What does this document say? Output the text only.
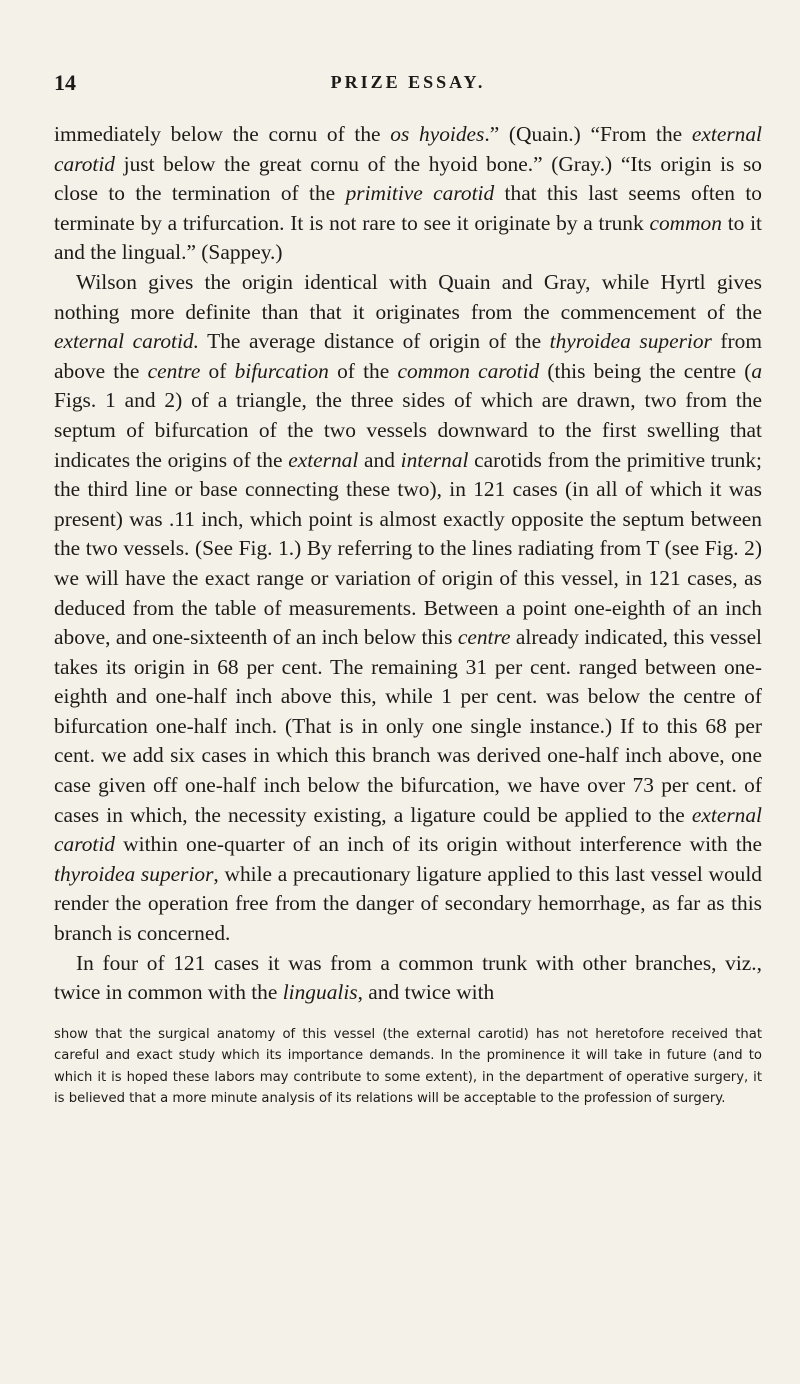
14	PRIZE ESSAY.

immediately below the cornu of the os hyoides.” (Quain.) “From the external carotid just below the great cornu of the hyoid bone.” (Gray.) “Its origin is so close to the termination of the primitive carotid that this last seems often to terminate by a trifurcation. It is not rare to see it originate by a trunk common to it and the lingual.” (Sappey.)

Wilson gives the origin identical with Quain and Gray, while Hyrtl gives nothing more definite than that it originates from the commencement of the external carotid. The average distance of origin of the thyroidea superior from above the centre of bifurcation of the common carotid (this being the centre (a Figs. 1 and 2) of a triangle, the three sides of which are drawn, two from the septum of bifurcation of the two vessels downward to the first swelling that indicates the origins of the external and internal carotids from the primitive trunk; the third line or base connecting these two), in 121 cases (in all of which it was present) was .11 inch, which point is almost exactly opposite the septum between the two vessels. (See Fig. 1.) By referring to the lines radiating from T (see Fig. 2) we will have the exact range or variation of origin of this vessel, in 121 cases, as deduced from the table of measurements. Between a point one-eighth of an inch above, and one-sixteenth of an inch below this centre already indicated, this vessel takes its origin in 68 per cent. The remaining 31 per cent. ranged between one-eighth and one-half inch above this, while 1 per cent. was below the centre of bifurcation one-half inch. (That is in only one single instance.) If to this 68 per cent. we add six cases in which this branch was derived one-half inch above, one case given off one-half inch below the bifurcation, we have over 73 per cent. of cases in which, the necessity existing, a ligature could be applied to the external carotid within one-quarter of an inch of its origin without interference with the thyroidea superior, while a precautionary ligature applied to this last vessel would render the operation free from the danger of secondary hemorrhage, as far as this branch is concerned.

In four of 121 cases it was from a common trunk with other branches, viz., twice in common with the lingualis, and twice with

show that the surgical anatomy of this vessel (the external carotid) has not heretofore received that careful and exact study which its importance demands. In the prominence it will take in future (and to which it is hoped these labors may contribute to some extent), in the department of operative surgery, it is believed that a more minute analysis of its relations will be acceptable to the profession of surgery.
